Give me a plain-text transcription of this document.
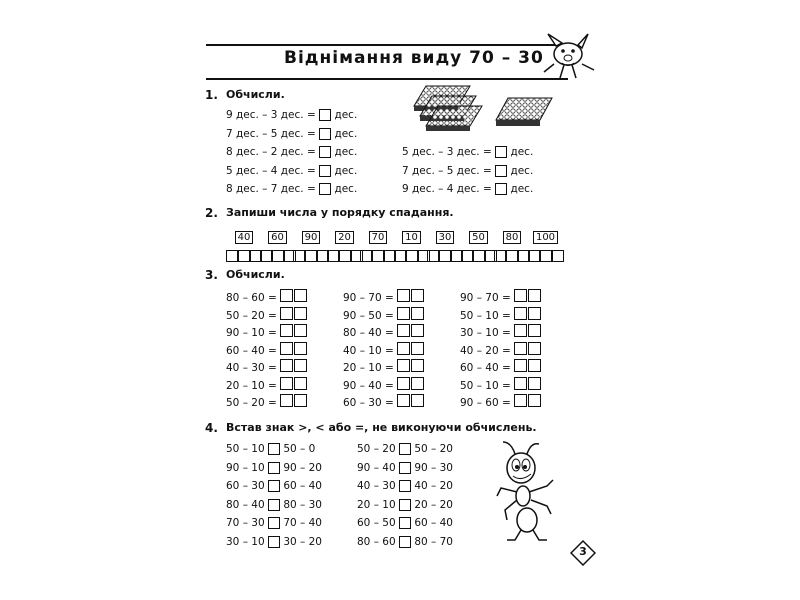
Віднімання виду 70 – 30
1. Обчисли.
9 дес. – 3 дес. = дес.
7 дес. – 5 дес. = дес.
8 дес. – 2 дес. = дес.
5 дес. – 4 дес. = дес.
8 дес. – 7 дес. = дес.
5 дес. – 3 дес. = дес.
7 дес. – 5 дес. = дес.
9 дес. – 4 дес. = дес.
2. Запиши числа у порядку спадання.
40	60	90	20	70	10	30	50	80	100
3. Обчисли.
80 – 60 =
50 – 20 =
90 – 10 =
60 – 40 =
40 – 30 =
20 – 10 =
50 – 20 =
90 – 70 =
90 – 50 =
80 – 40 =
40 – 10 =
20 – 10 =
90 – 40 =
60 – 30 =
90 – 70 =
50 – 10 =
30 – 10 =
40 – 20 =
60 – 40 =
50 – 10 =
90 – 60 =
4. Встав знак >, < або =, не виконуючи обчислень.
50 – 10 50 – 0
90 – 10 90 – 20
60 – 30 60 – 40
80 – 40 80 – 30
70 – 30 70 – 40
30 – 10 30 – 20
50 – 20 50 – 20
90 – 40 90 – 30
40 – 30 40 – 20
20 – 10 20 – 20
60 – 50 60 – 40
80 – 60 80 – 70
3
